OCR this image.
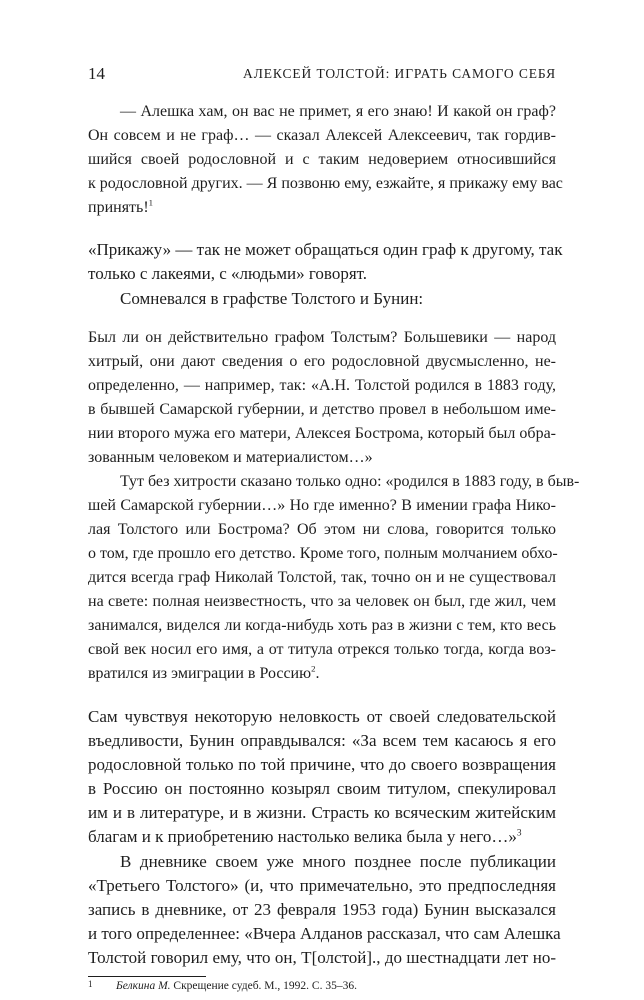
14	АЛЕКСЕЙ ТОЛСТОЙ: ИГРАТЬ САМОГО СЕБЯ
— Алешка хам, он вас не примет, я его знаю! И какой он граф?
Он совсем и не граф… — сказал Алексей Алексеевич, так гордив-
шийся своей родословной и с таким недоверием относившийся
к родословной других. — Я позвоню ему, езжайте, я прикажу ему вас
принять!$^1$
«Прикажу» — так не может обращаться один граф к другому, так
только с лакеями, с «людьми» говорят.
Сомневался в графстве Толстого и Бунин:
Был ли он действительно графом Толстым? Большевики — народ
хитрый, они дают сведения о его родословной двусмысленно, не-
определенно, — например, так: «А.Н. Толстой родился в 1883 году,
в бывшей Самарской губернии, и детство провел в небольшом име-
нии второго мужа его матери, Алексея Бострома, который был обра-
зованным человеком и материалистом…»
Тут без хитрости сказано только одно: «родился в 1883 году, в быв-
шей Самарской губернии…» Но где именно? В имении графа Нико-
лая Толстого или Бострома? Об этом ни слова, говорится только
о том, где прошло его детство. Кроме того, полным молчанием обхо-
дится всегда граф Николай Толстой, так, точно он и не существовал
на свете: полная неизвестность, что за человек он был, где жил, чем
занимался, виделся ли когда-нибудь хоть раз в жизни с тем, кто весь
свой век носил его имя, а от титула отрекся только тогда, когда воз-
вратился из эмиграции в Россию$^2$.
Сам чувствуя некоторую неловкость от своей следовательской
въедливости, Бунин оправдывался: «За всем тем касаюсь я его
родословной только по той причине, что до своего возвращения
в Россию он постоянно козырял своим титулом, спекулировал
им и в литературе, и в жизни. Страсть ко всяческим житейским
благам и к приобретению настолько велика была у него…»$^3$
В дневнике своем уже много позднее после публикации
«Третьего Толстого» (и, что примечательно, это предпоследняя
запись в дневнике, от 23 февраля 1953 года) Бунин высказался
и того определеннее: «Вчера Алданов рассказал, что сам Алешка
Толстой говорил ему, что он, Т[олстой]., до шестнадцати лет но-
1 Белкина М. Скрещение судеб. М., 1992. С. 35–36.
